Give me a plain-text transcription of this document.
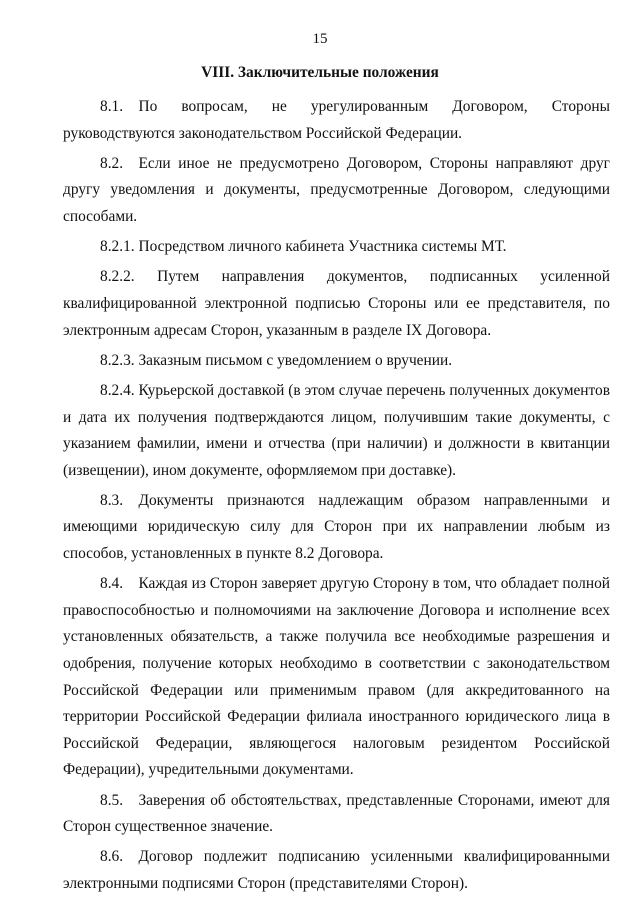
15
VIII. Заключительные положения

8.1. По вопросам, не урегулированным Договором, Стороны руководствуются законодательством Российской Федерации.

8.2. Если иное не предусмотрено Договором, Стороны направляют друг другу уведомления и документы, предусмотренные Договором, следующими способами.

8.2.1. Посредством личного кабинета Участника системы МТ.

8.2.2. Путем направления документов, подписанных усиленной квалифицированной электронной подписью Стороны или ее представителя, по электронным адресам Сторон, указанным в разделе IX Договора.

8.2.3. Заказным письмом с уведомлением о вручении.

8.2.4. Курьерской доставкой (в этом случае перечень полученных документов и дата их получения подтверждаются лицом, получившим такие документы, с указанием фамилии, имени и отчества (при наличии) и должности в квитанции (извещении), ином документе, оформляемом при доставке).

8.3. Документы признаются надлежащим образом направленными и имеющими юридическую силу для Сторон при их направлении любым из способов, установленных в пункте 8.2 Договора.

8.4. Каждая из Сторон заверяет другую Сторону в том, что обладает полной правоспособностью и полномочиями на заключение Договора и исполнение всех установленных обязательств, а также получила все необходимые разрешения и одобрения, получение которых необходимо в соответствии с законодательством Российской Федерации или применимым правом (для аккредитованного на территории Российской Федерации филиала иностранного юридического лица в Российской Федерации, являющегося налоговым резидентом Российской Федерации), учредительными документами.

8.5. Заверения об обстоятельствах, представленные Сторонами, имеют для Сторон существенное значение.

8.6. Договор подлежит подписанию усиленными квалифицированными электронными подписями Сторон (представителями Сторон).
